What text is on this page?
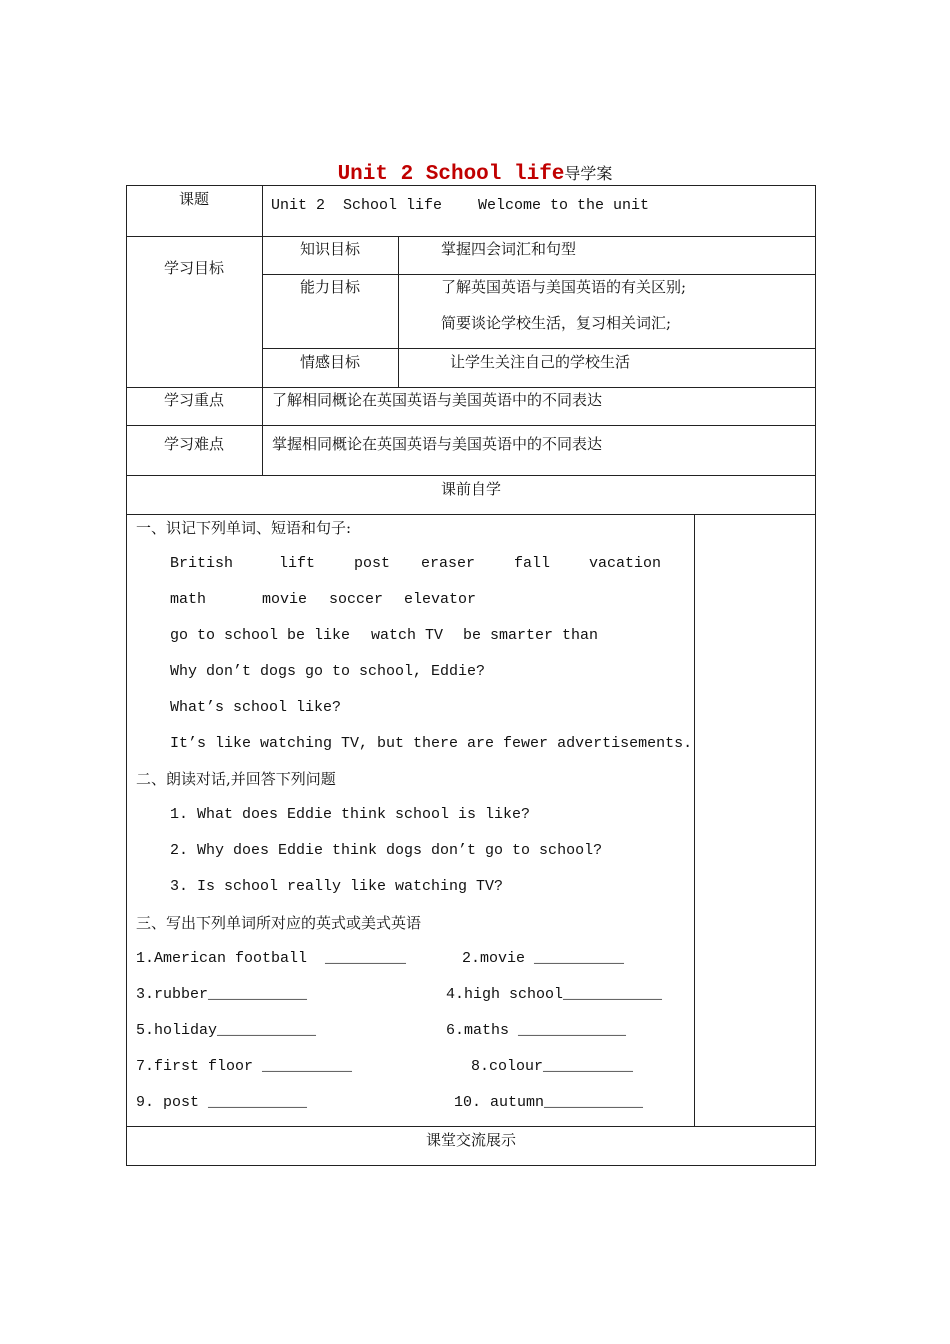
Unit 2 School life导学案
课题	Unit 2  School life    Welcome to the unit
学习目标
知识目标	掌握四会词汇和句型
能力目标	了解英国英语与美国英语的有关区别;
简要谈论学校生活，复习相关词汇;
情感目标	让学生关注自己的学校生活
学习重点	了解相同概论在英国英语与美国英语中的不同表达
学习难点	掌握相同概论在英国英语与美国英语中的不同表达
课前自学
一、识记下列单词、短语和句子:
British	lift	post eraser	fall	vacation
math	movie soccer elevator
go to school be like watch TV be smarter than
Why don’t dogs go to school, Eddie?
What’s school like?
It’s like watching TV, but there are fewer advertisements.
二、朗读对话,并回答下列问题
1. What does Eddie think school is like?
2. Why does Eddie think dogs don’t go to school?
3. Is school really like watching TV?
三、写出下列单词所对应的英式或美式英语
1.American football  _________	2.movie __________
3.rubber___________	4.high school___________
5.holiday___________	6.maths ____________
7.first floor __________	8.colour__________
9. post ___________	10. autumn___________
课堂交流展示
